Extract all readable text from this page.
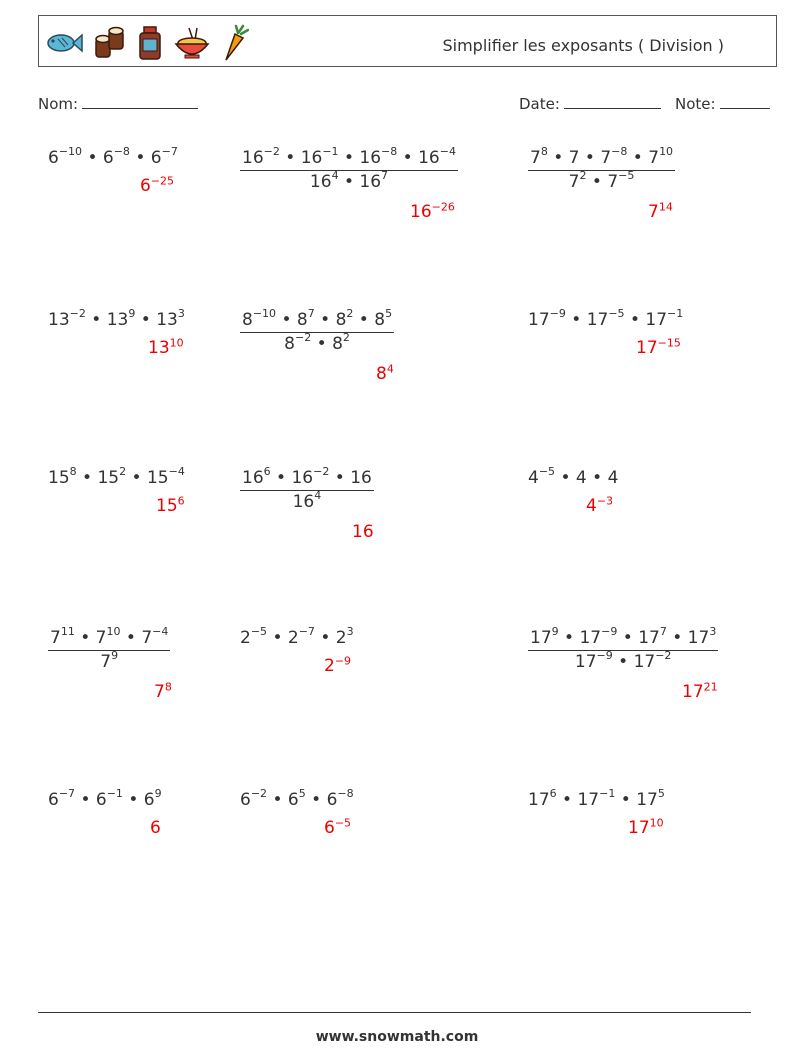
Simplifier les exposants ( Division )
Nom:	Date:	Note:
$6^{-10}$ • $6^{-8}$ • $6^{-7}$
$6^{-25}$	$\frac{16^{-2} • 16^{-1} • 16^{-8} • 16^{-4}}{16^4 • 16^7}$
$16^{-26}$
$\frac{7^8 • 7 • 7^{-8} • 7^{10}}{7^2 • 7^{-5}}$
$7^{14}$
$13^{-2}$ • $13^9$ • $13^3$
$13^{10}$	$\frac{8^{-10} • 8^7 • 8^2 • 8^5}{8^{-2} • 8^2}$
$8^4$
$17^{-9}$ • $17^{-5}$ • $17^{-1}$
$17^{-15}$
$15^8$ • $15^2$ • $15^{-4}$
$15^6$	$\frac{16^6 • 16^{-2} • 16}{16^4}$
16
$4^{-5}$ • 4 • 4
$4^{-3}$
$\frac{7^{11} • 7^{10} • 7^{-4}}{7^9}$
$7^8$
$2^{-5}$ • $2^{-7}$ • $2^3$
$2^{-9}$	$\frac{17^9 • 17^{-9} • 17^7 • 17^3}{17^{-9} • 17^{-2}}$
$17^{21}$
$6^{-7}$ • $6^{-1}$ • $6^9$
6
$6^{-2}$ • $6^5$ • $6^{-8}$
$6^{-5}$
$17^6$ • $17^{-1}$ • $17^5$
$17^{10}$
www.snowmath.com
